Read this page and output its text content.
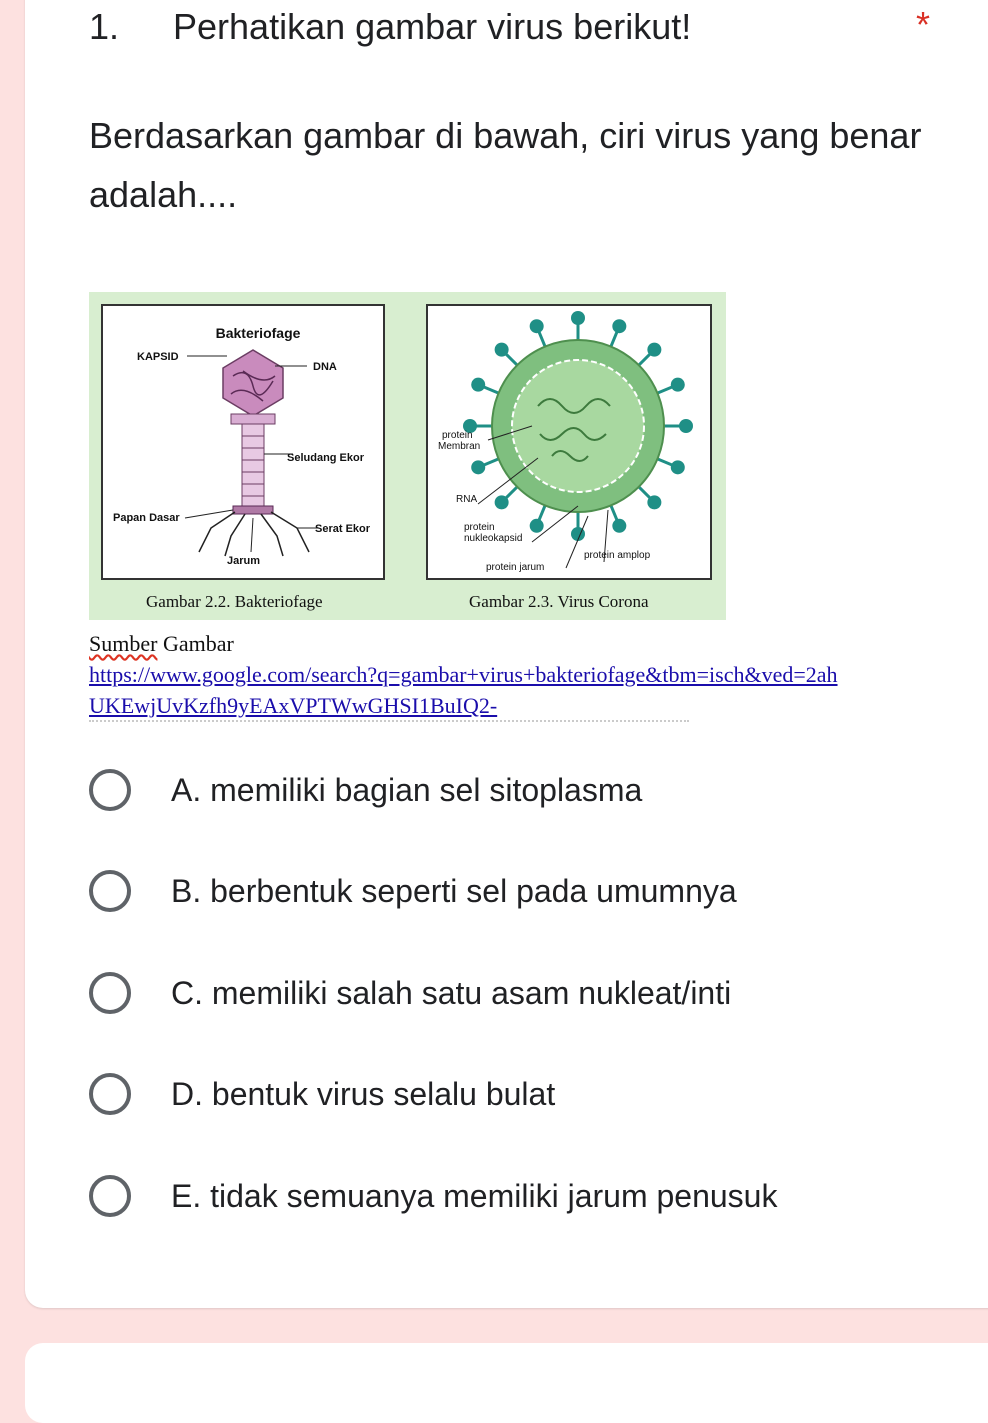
1. Perhatikan gambar virus berikut!	*
Berdasarkan gambar di bawah, ciri virus yang benar adalah....
Bakteriofage
KAPSID
DNA
Seludang Ekor
Papan Dasar
Serat Ekor
Jarum
protein
Membran
RNA
protein
nukleokapsid
protein jarum
protein amplop
Gambar 2.2. Bakteriofage	Gambar 2.3. Virus Corona
Sumber Gambar
https://www.google.com/search?q=gambar+virus+bakteriofage&tbm=isch&ved=2ah
UKEwjUvKzfh9yEAxVPTWwGHSI1BuIQ2-
A. memiliki bagian sel sitoplasma
B. berbentuk seperti sel pada umumnya
C. memiliki salah satu asam nukleat/inti
D. bentuk virus selalu bulat
E. tidak semuanya memiliki jarum penusuk
